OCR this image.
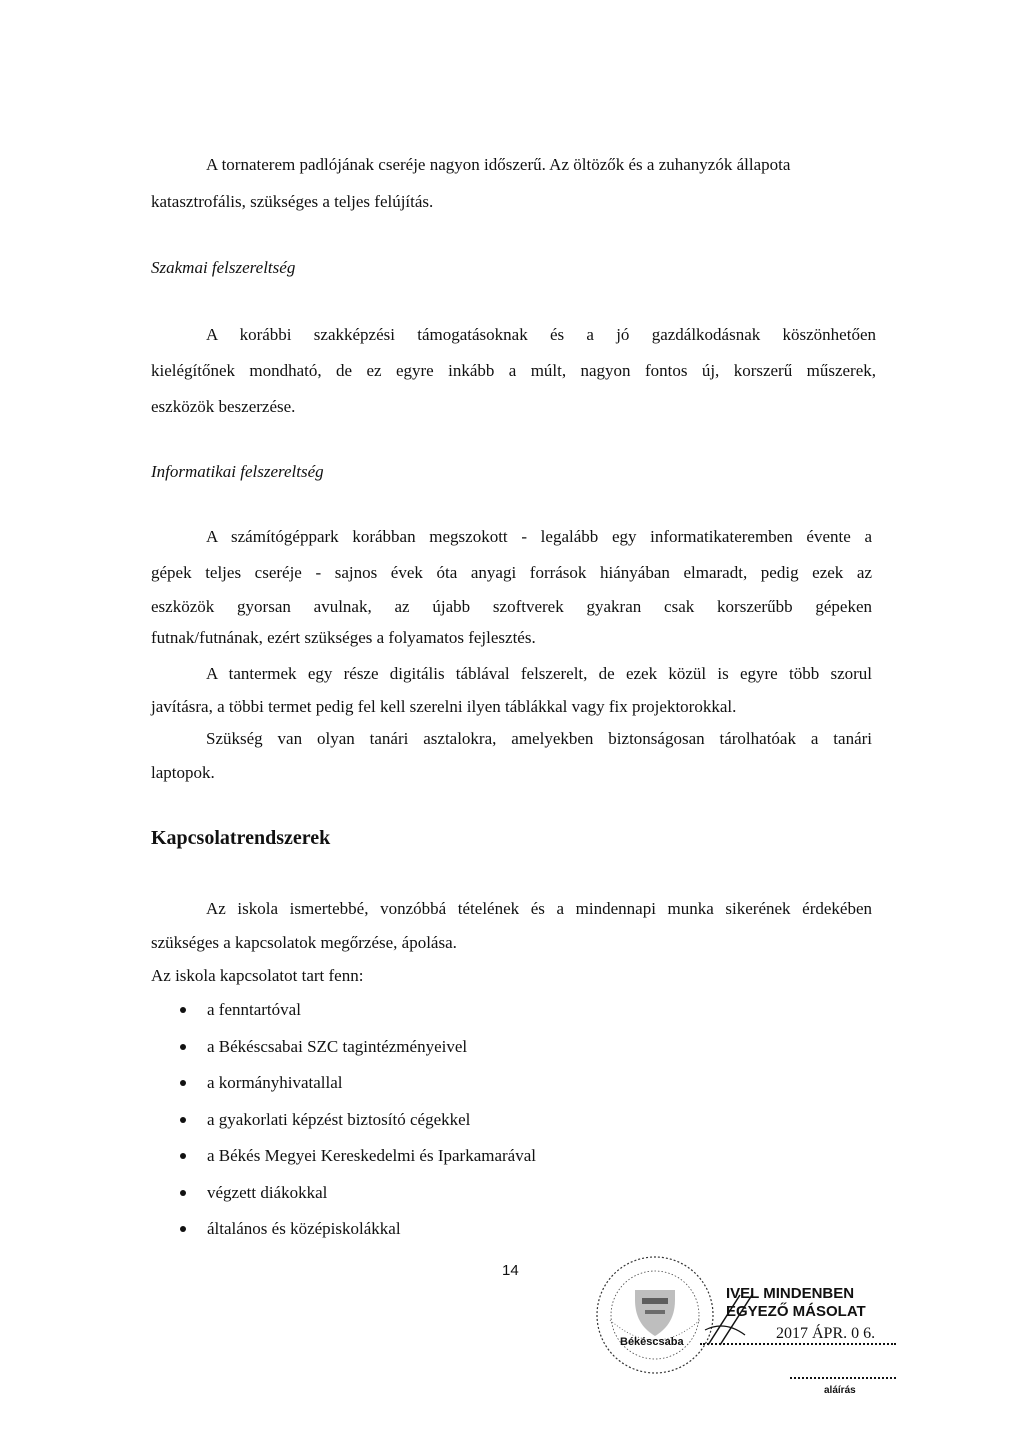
A tornaterem padlójának cseréje nagyon időszerű. Az öltözők és a zuhanyzók állapota
katasztrofális, szükséges a teljes felújítás.
Szakmai felszereltség
A korábbi szakképzési támogatásoknak és a jó gazdálkodásnak köszönhetően
kielégítőnek mondható, de ez egyre inkább a múlt, nagyon fontos új, korszerű műszerek,
eszközök beszerzése.
Informatikai felszereltség
A számítógéppark korábban megszokott - legalább egy informatikateremben évente a
gépek teljes cseréje - sajnos évek óta anyagi források hiányában elmaradt, pedig ezek az
eszközök gyorsan avulnak, az újabb szoftverek gyakran csak korszerűbb gépeken
futnak/futnának, ezért szükséges a folyamatos fejlesztés.
A tantermek egy része digitális táblával felszerelt, de ezek közül is egyre több szorul
javításra, a többi termet pedig fel kell szerelni ilyen táblákkal vagy fix projektorokkal.
Szükség van olyan tanári asztalokra, amelyekben biztonságosan tárolhatóak a tanári
laptopok.
Kapcsolatrendszerek
Az iskola ismertebbé, vonzóbbá tételének és a mindennapi munka sikerének érdekében
szükséges a kapcsolatok megőrzése, ápolása.
Az iskola kapcsolatot tart fenn:
a fenntartóval
a Békéscsabai SZC tagintézményeivel
a kormányhivatallal
a gyakorlati képzést biztosító cégekkel
a Békés Megyei Kereskedelmi és Iparkamarával
végzett diákokkal
általános és középiskolákkal
14
Békéscsaba
IVEL MINDENBEN
EGYEZŐ MÁSOLAT
2017 ÁPR. 0 6.
aláírás
